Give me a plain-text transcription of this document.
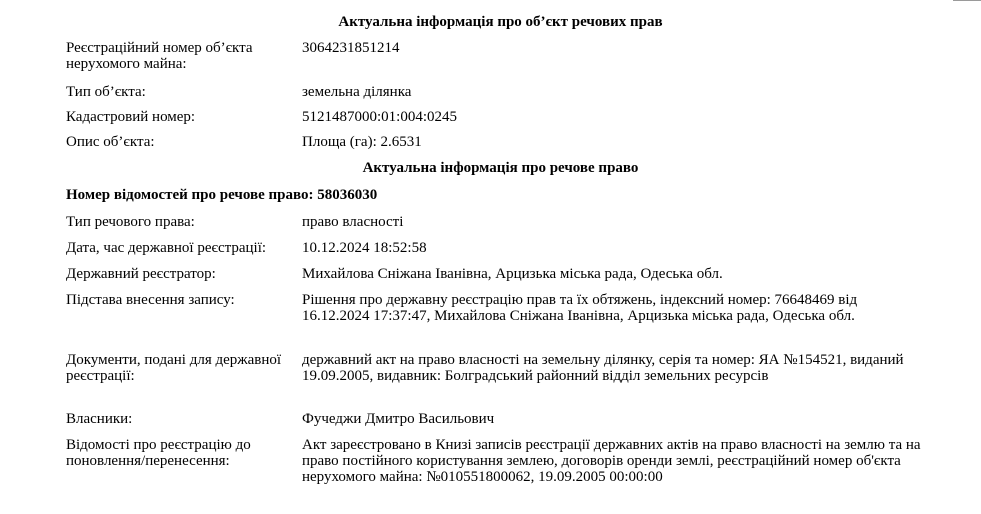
Актуальна інформація про об’єкт речових прав
Реєстраційний номер об’єкта нерухомого майна:
3064231851214
Тип об’єкта:	земельна ділянка
Кадастровий номер:	5121487000:01:004:0245
Опис об’єкта:	Площа (га): 2.6531
Актуальна інформація про речове право
Номер відомостей про речове право: 58036030
Тип речового права:	право власності
Дата, час державної реєстрації:	10.12.2024 18:52:58
Державний реєстратор:	Михайлова Сніжана Іванівна, Арцизька міська рада, Одеська обл.
Підстава внесення запису:	Рішення про державну реєстрацію прав та їх обтяжень, індексний номер: 76648469 від 16.12.2024 17:37:47, Михайлова Сніжана Іванівна, Арцизька міська рада, Одеська обл.
Документи, подані для державної реєстрації:
державний акт на право власності на земельну ділянку, серія та номер: ЯА №154521, виданий 19.09.2005, видавник: Болградський районний відділ земельних ресурсів
Власники:	Фучеджи Дмитро Васильович
Відомості про реєстрацію до поновлення/перенесення:
Акт зареєстровано в Книзі записів реєстрації державних актів на право власності на землю та на право постійного користування землею, договорів оренди землі, реєстраційний номер об'єкта нерухомого майна: №010551800062, 19.09.2005 00:00:00
